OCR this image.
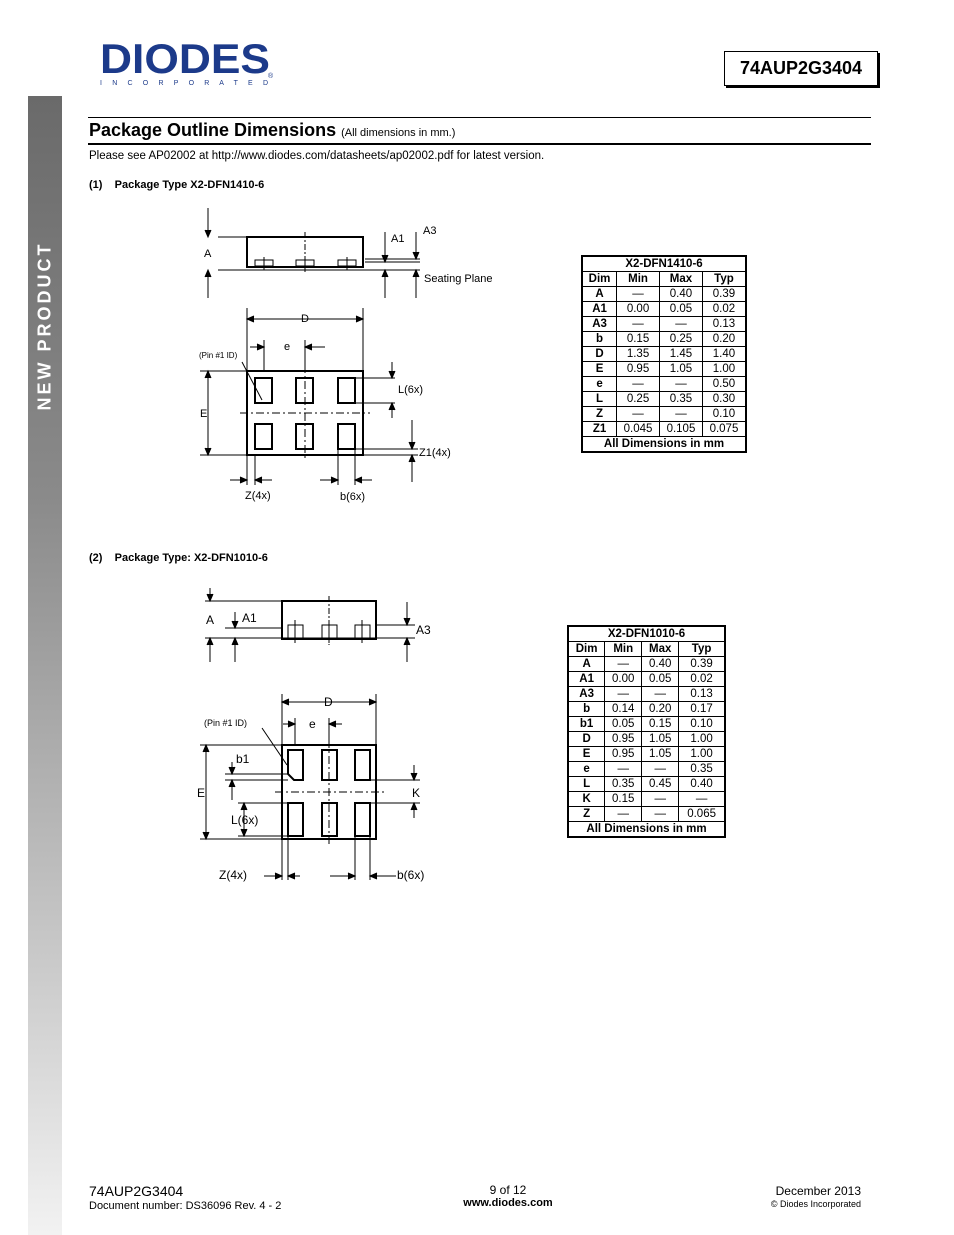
NEW PRODUCT
DIODES
I N C O R P O R A T E D
®	74AUP2G3404
Package Outline Dimensions (All dimensions in mm.)
Please see AP02002 at http://www.diodes.com/datasheets/ap02002.pdf for latest version.
(1)    Package Type X2-DFN1410-6
A
A1
A3
Seating Plane
D
e
(Pin #1 ID)
E
L(6x)
Z1(4x)
Z(4x)	b(6x)
X2-DFN1410-6			
Dim	Min	Max	Typ
A	—	0.40	0.39
A1	0.00	0.05	0.02
A3	—	—	0.13
b	0.15	0.25	0.20
D	1.35	1.45	1.40
E	0.95	1.05	1.00
e	—	—	0.50
L	0.25	0.35	0.30
Z	—	—	0.10
Z1	0.045	0.105	0.075
All Dimensions in mm			
(2)    Package Type: X2-DFN1010-6
A A1
A3
D
e
(Pin #1 ID)
b1
E	K
L(6x)
Z(4x)	b(6x)
X2-DFN1010-6			
Dim	Min	Max	Typ
A	—	0.40	0.39
A1	0.00	0.05	0.02
A3	—	—	0.13
b	0.14	0.20	0.17
b1	0.05	0.15	0.10
D	0.95	1.05	1.00
E	0.95	1.05	1.00
e	—	—	0.35
L	0.35	0.45	0.40
K	0.15	—	—
Z	—	—	0.065
All Dimensions in mm			
74AUP2G3404
Document number: DS36096 Rev. 4 - 2
9 of 12
www.diodes.com
December 2013
© Diodes Incorporated
